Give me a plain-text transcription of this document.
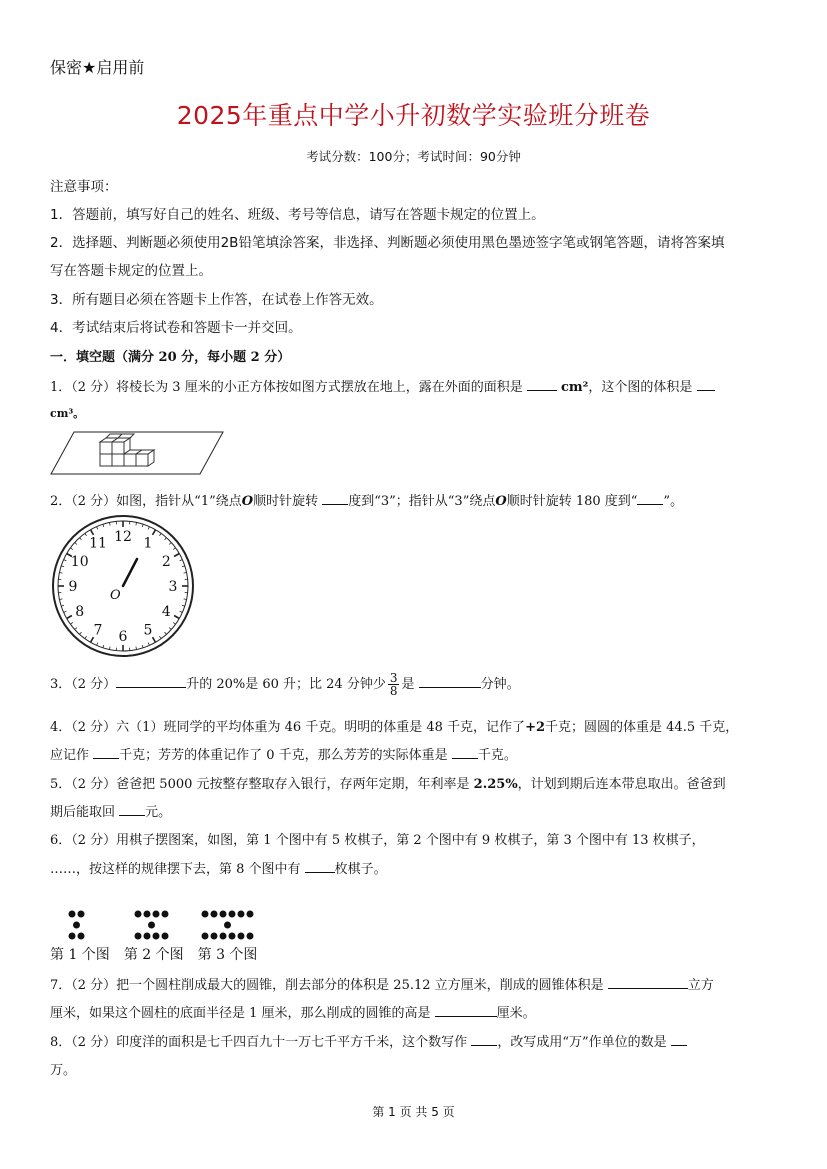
保密★启用前
2025年重点中学小升初数学实验班分班卷
考试分数：100分；考试时间：90分钟
注意事项：
1．答题前，填写好自己的姓名、班级、考号等信息，请写在答题卡规定的位置上。
2．选择题、判断题必须使用2B铅笔填涂答案，非选择、判断题必须使用黑色墨迹签字笔或钢笔答题，请将答案填
写在答题卡规定的位置上。
3．所有题目必须在答题卡上作答，在试卷上作答无效。
4．考试结束后将试卷和答题卡一并交回。
一．填空题（满分 20 分，每小题 2 分）
1．（2 分）将棱长为 3 厘米的小正方体按如图方式摆放在地上，露在外面的面积是	cm²，这个图的体积是
cm³。
2．（2 分）如图，指针从“1”绕点O顺时针旋转 度到“3”；指针从“3”绕点O顺时针旋转 180 度到“ ”。
12 1
2
3
4
5
6
7
8
9
10
11
O
3．（2 分）	升的 20%是 60 升；比 24 分钟少 $\frac{3}{8}$ 是	分钟。
4．（2 分）六（1）班同学的平均体重为 46 千克。明明的体重是 48 千克，记作了+2千克；圆圆的体重是 44.5 千克，
应记作 千克；芳芳的体重记作了 0 千克，那么芳芳的实际体重是 千克。
5．（2 分）爸爸把 5000 元按整存整取存入银行，存两年定期，年利率是 2.25%，计划到期后连本带息取出。爸爸到
期后能取回 元。
6．（2 分）用棋子摆图案，如图，第 1 个图中有 5 枚棋子，第 2 个图中有 9 枚棋子，第 3 个图中有 13 枚棋子，
……，按这样的规律摆下去，第 8 个图中有 枚棋子。
第 1 个图 第 2 个图 第 3 个图
7．（2 分）把一个圆柱削成最大的圆锥，削去部分的体积是 25.12 立方厘米，削成的圆锥体积是	立方
厘米，如果这个圆柱的底面半径是 1 厘米，那么削成的圆锥的高是	厘米。
8．（2 分）印度洋的面积是七千四百九十一万七千平方千米，这个数写作 ，改写成用“万”作单位的数是
万。
第 1 页 共 5 页
